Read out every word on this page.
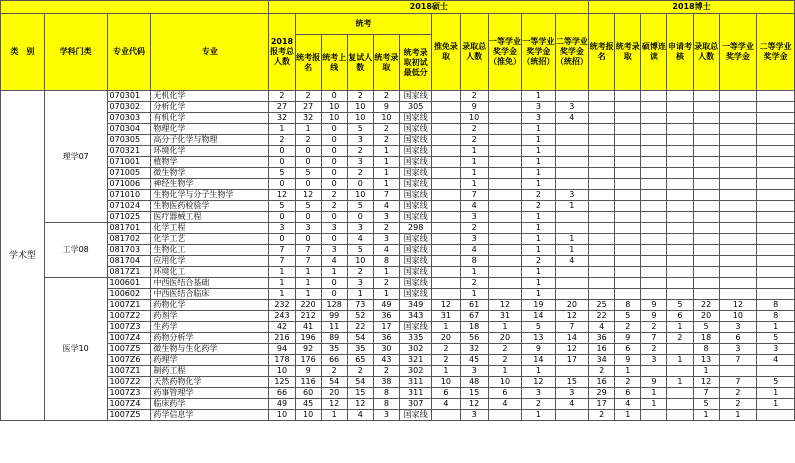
				2018硕士											2018博士						
类　别	学科门类	专业代码	专业	2018报考总人数	统考					推免录取	录取总人数	一等学业奖学金（推免）	一等学业奖学金（统招）	二等学业奖学金（统招）	统考报名	统考录取	硕博连读	申请考核	录取总人数	一等学业奖学金	二等学业奖学金
					统考报名	统考上线	复试人数	统考录取	统考录取初试最低分												
学术型	理学07	070301	无机化学	2	2	0	2	2	国家线		2		1								
		070302	分析化学	27	27	10	10	9	305		9		3	3							
		070303	有机化学	32	32	10	10	10	国家线		10		3	4							
		070304	物理化学	1	1	0	5	2	国家线		2		1								
		070305	高分子化学与物理	2	2	0	3	2	国家线		2		1								
		070321	环境化学	0	0	0	2	1	国家线		1		1								
		071001	植物学	0	0	0	3	1	国家线		1		1								
		071005	微生物学	5	5	0	2	1	国家线		1		1								
		071006	神经生物学	0	0	0	0	1	国家线		1		1								
		071010	生物化学与分子生物学	12	12	2	10	7	国家线		7		2	3							
		071024	生物医药检验学	5	5	2	5	4	国家线		4		2	1							
		071025	医疗器械工程	0	0	0	0	3	国家线		3		1								
	工学08	081701	化学工程	3	3	3	3	2	298		2		1								
		081702	化学工艺	0	0	0	4	3	国家线		3		1	1							
		081703	生物化工	7	7	3	5	4	国家线		4		1	1							
		081704	应用化学	7	7	4	10	8	国家线		8		2	4							
		0817Z1	环境化工	1	1	1	2	1	国家线		1		1								
	医学10	100601	中西医结合基础	1	1	0	3	2	国家线		2		1								
		100602	中西医结合临床	1	1	0	1	1	国家线		1		1								
		1007Z1	药物化学	232	220	128	73	49	349	12	61	12	19	20	25	8	9	5	22	12	8
		1007Z2	药剂学	243	212	99	52	36	343	31	67	31	14	12	22	5	9	6	20	10	8
		1007Z3	生药学	42	41	11	22	17	国家线	1	18	1	5	7	4	2	2	1	5	3	1
		1007Z4	药物分析学	216	196	89	54	36	335	20	56	20	13	14	36	9	7	2	18	6	5
		1007Z5	微生物与生化药学	94	92	35	35	30	302	2	32	2	9	12	16	6	2		8	3	3
		1007Z6	药理学	178	176	66	65	43	321	2	45	2	14	17	34	9	3	1	13	7	4
		1007Z1	制药工程	10	9	2	2	2	302	1	3	1	1		2	1			1		
		1007Z2	天然药物化学	125	116	54	54	38	311	10	48	10	12	15	16	2	9	1	12	7	5
		1007Z3	药事管理学	66	60	20	15	8	311	6	15	6	3	3	29	6	1		7	2	1
		1007Z4	临床药学	49	45	12	12	8	307	4	12	4	2	4	17	4	1		5	2	1
		1007Z5	药学信息学	10	10	1	4	3	国家线		3		1		2	1			1	1	
